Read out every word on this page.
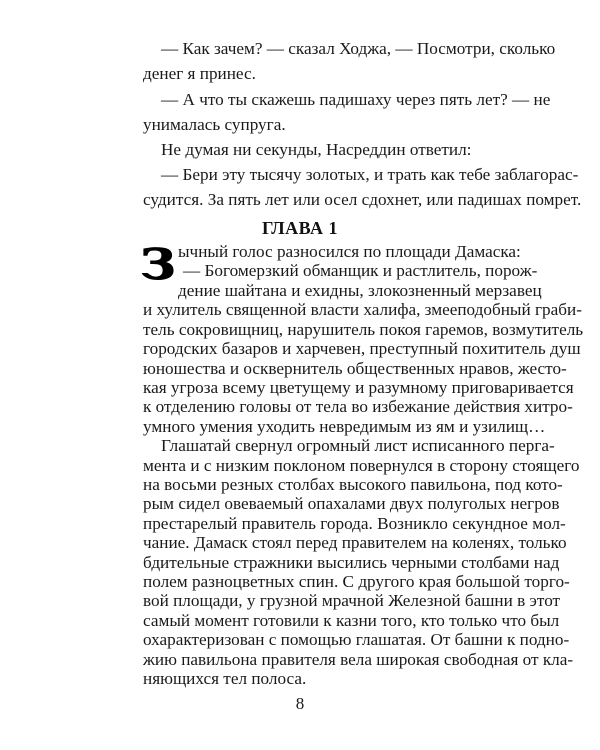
— Как зачем? — сказал Ходжа, — Посмотри, сколько
денег я принес.
— А что ты скажешь падишаху через пять лет? — не
унималась супруга.
Не думая ни секунды, Насреддин ответил:
— Бери эту тысячу золотых, и трать как тебе заблагорас-
судится. За пять лет или осел сдохнет, или падишах помрет.
ГЛАВА 1
З ычный голос разносился по площади Дамаска:
— Богомерзкий обманщик и растлитель, порож-
дение шайтана и ехидны, злокозненный мерзавец
и хулитель священной власти халифа, змееподобный граби-
тель сокровищниц, нарушитель покоя гаремов, возмутитель
городских базаров и харчевен, преступный похититель душ
юношества и осквернитель общественных нравов, жесто-
кая угроза всему цветущему и разумному приговаривается
к отделению головы от тела во избежание действия хитро-
умного умения уходить невредимым из ям и узилищ…
Глашатай свернул огромный лист исписанного перга-
мента и с низким поклоном повернулся в сторону стоящего
на восьми резных столбах высокого павильона, под кото-
рым сидел овеваемый опахалами двух полуголых негров
престарелый правитель города. Возникло секундное мол-
чание. Дамаск стоял перед правителем на коленях, только
бдительные стражники высились черными столбами над
полем разноцветных спин. С другого края большой торго-
вой площади, у грузной мрачной Железной башни в этот
самый момент готовили к казни того, кто только что был
охарактеризован с помощью глашатая. От башни к подно-
жию павильона правителя вела широкая свободная от кла-
няющихся тел полоса.
8
